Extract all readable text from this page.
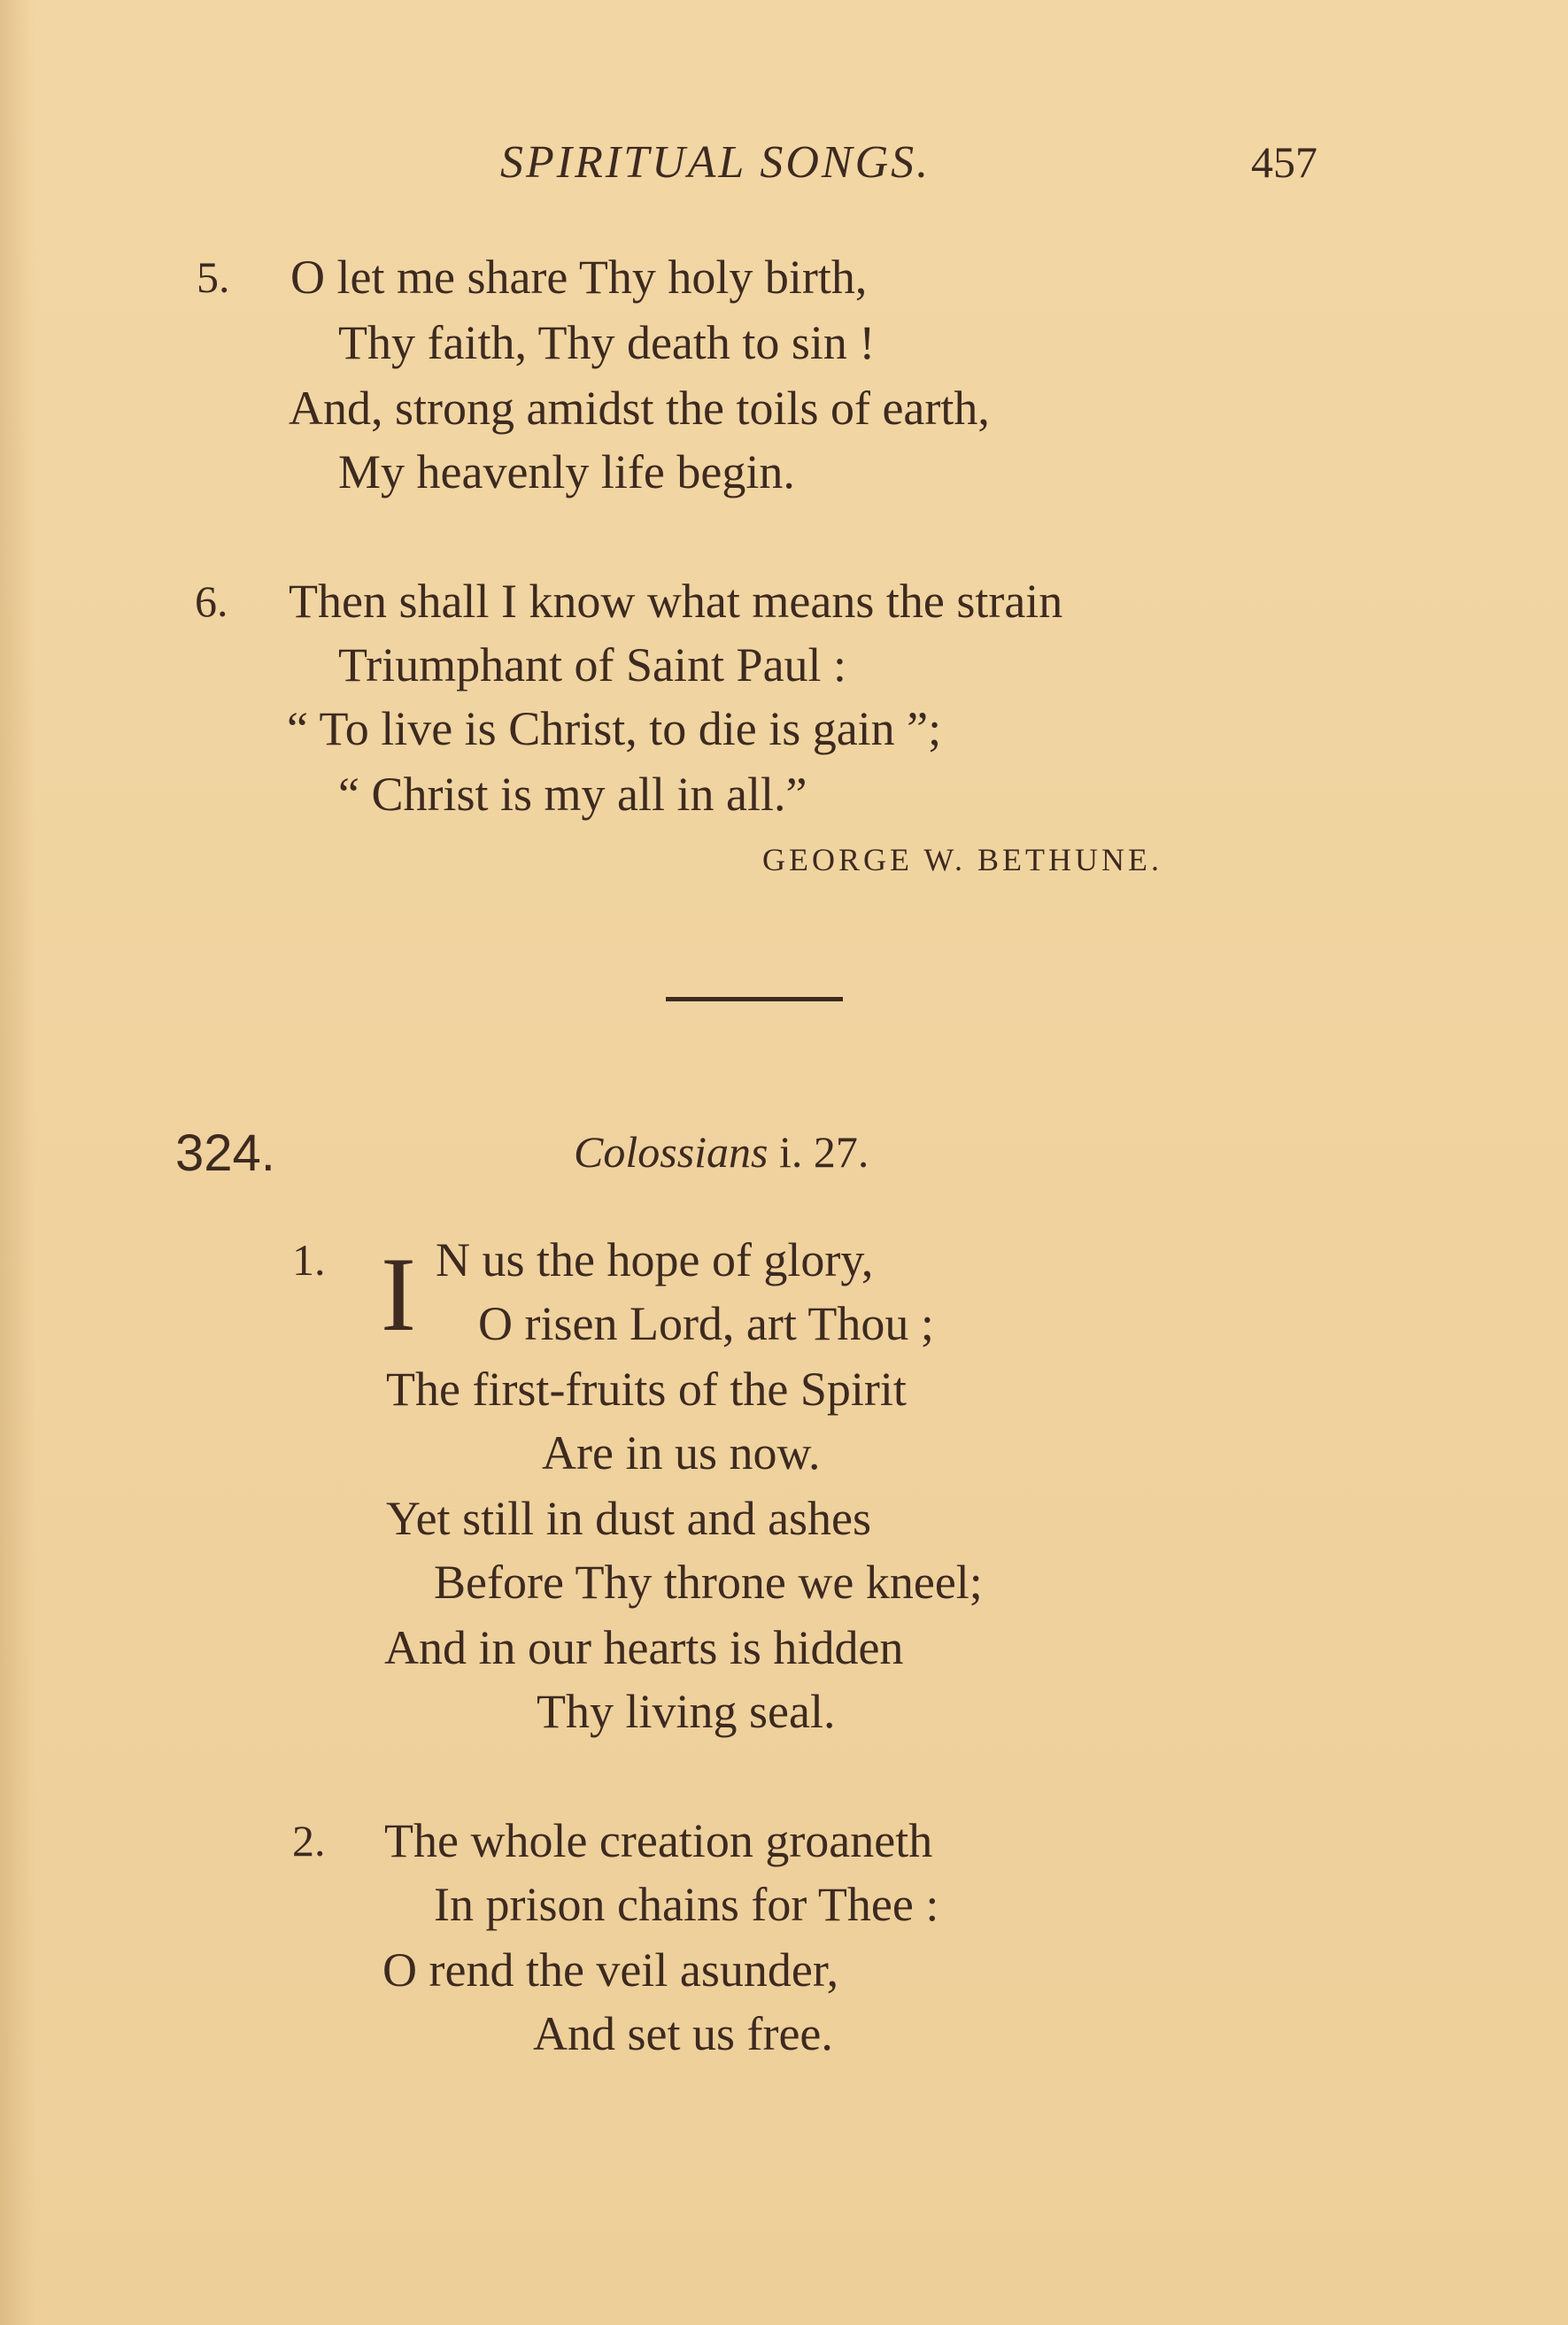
SPIRITUAL SONGS.	457
5. O let me share Thy holy birth,
Thy faith, Thy death to sin !
And, strong amidst the toils of earth,
My heavenly life begin.
6. Then shall I know what means the strain
Triumphant of Saint Paul :
“ To live is Christ, to die is gain ”;
“ Christ is my all in all.”
GEORGE W. BETHUNE.
324.	Colossians i. 27.
1. I N us the hope of glory,
O risen Lord, art Thou ;
The first-fruits of the Spirit
Are in us now.
Yet still in dust and ashes
Before Thy throne we kneel;
And in our hearts is hidden
Thy living seal.
2. The whole creation groaneth
In prison chains for Thee :
O rend the veil asunder,
And set us free.
